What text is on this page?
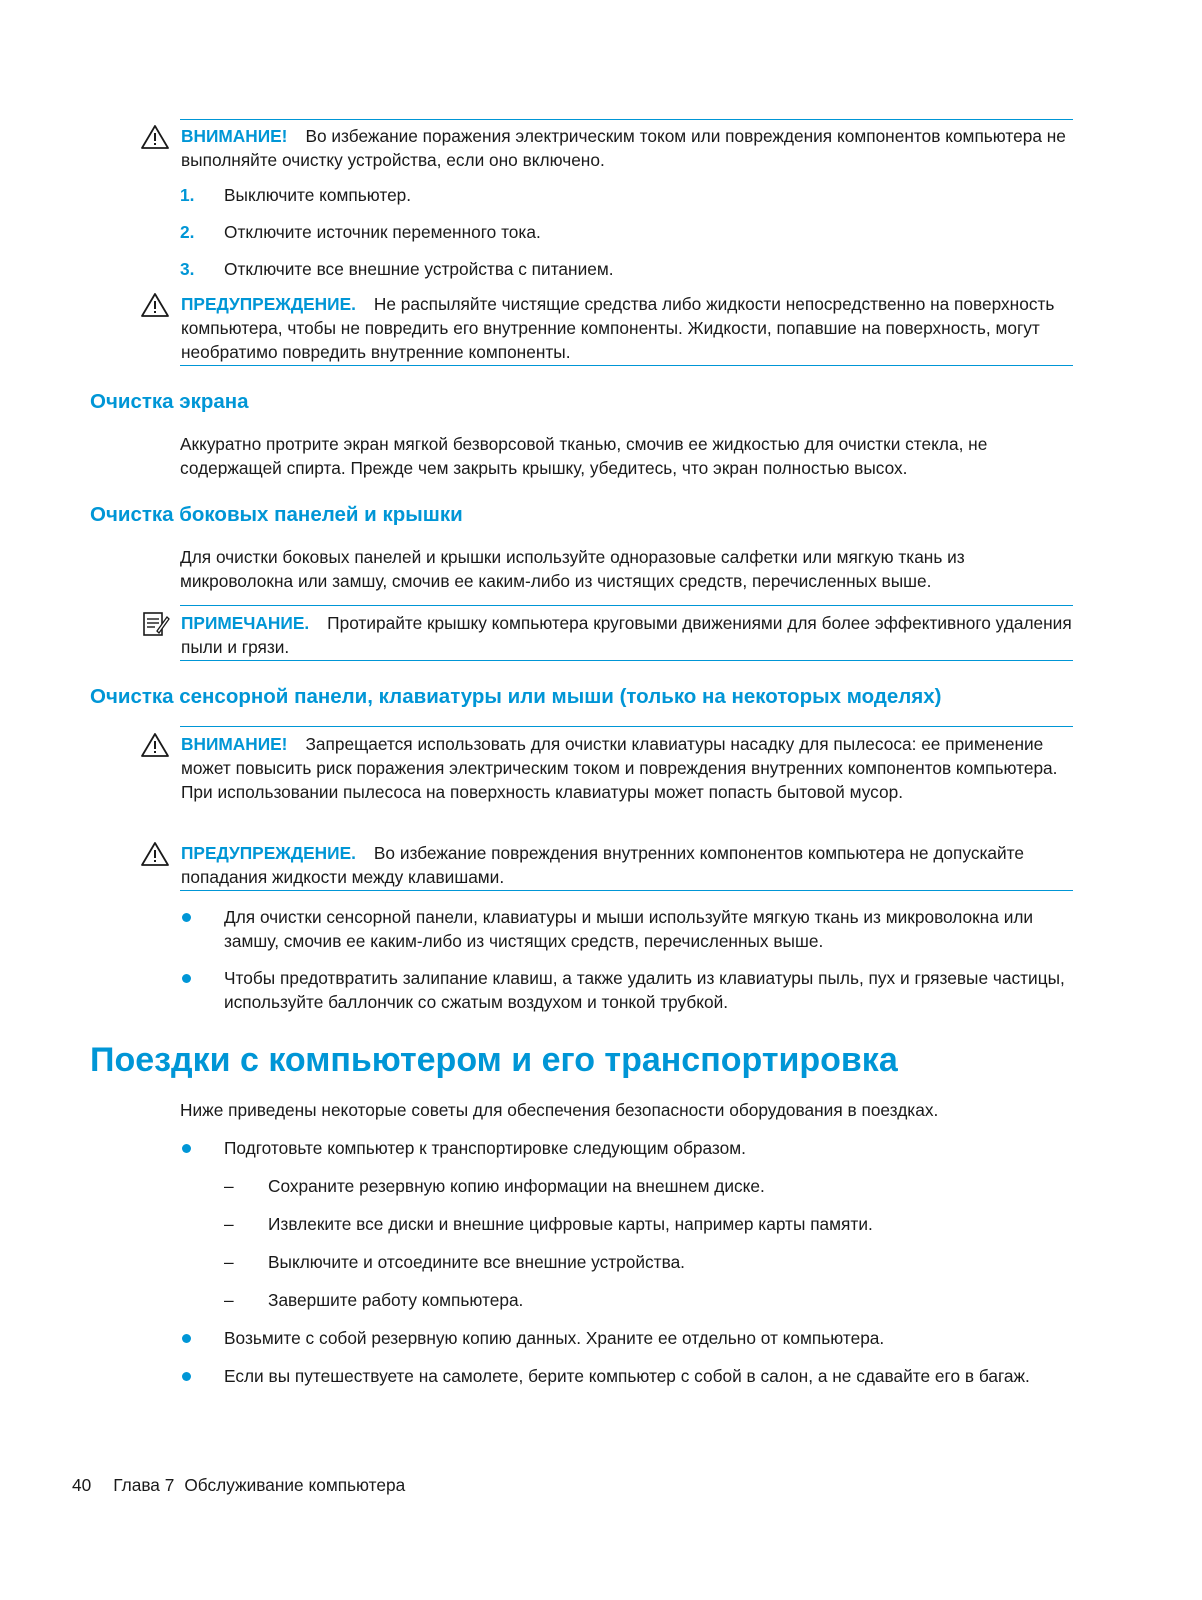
ВНИМАНИЕ! Во избежание поражения электрическим током или повреждения компонентов компьютера не выполняйте очистку устройства, если оно включено.
1. Выключите компьютер.
2. Отключите источник переменного тока.
3. Отключите все внешние устройства с питанием.
ПРЕДУПРЕЖДЕНИЕ. Не распыляйте чистящие средства либо жидкости непосредственно на поверхность компьютера, чтобы не повредить его внутренние компоненты. Жидкости, попавшие на поверхность, могут необратимо повредить внутренние компоненты.
Очистка экрана

Аккуратно протрите экран мягкой безворсовой тканью, смочив ее жидкостью для очистки стекла, не содержащей спирта. Прежде чем закрыть крышку, убедитесь, что экран полностью высох.

Очистка боковых панелей и крышки

Для очистки боковых панелей и крышки используйте одноразовые салфетки или мягкую ткань из микроволокна или замшу, смочив ее каким-либо из чистящих средств, перечисленных выше.

ПРИМЕЧАНИЕ. Протирайте крышку компьютера круговыми движениями для более эффективного удаления пыли и грязи.
Очистка сенсорной панели, клавиатуры или мыши (только на некоторых моделях)
ВНИМАНИЕ! Запрещается использовать для очистки клавиатуры насадку для пылесоса: ее применение может повысить риск поражения электрическим током и повреждения внутренних компонентов компьютера. При использовании пылесоса на поверхность клавиатуры может попасть бытовой мусор.
ПРЕДУПРЕЖДЕНИЕ. Во избежание повреждения внутренних компонентов компьютера не допускайте попадания жидкости между клавишами.
Для очистки сенсорной панели, клавиатуры и мыши используйте мягкую ткань из микроволокна или замшу, смочив ее каким-либо из чистящих средств, перечисленных выше.
Чтобы предотвратить залипание клавиш, а также удалить из клавиатуры пыль, пух и грязевые частицы, используйте баллончик со сжатым воздухом и тонкой трубкой.
Поездки с компьютером и его транспортировка

Ниже приведены некоторые советы для обеспечения безопасности оборудования в поездках.

Подготовьте компьютер к транспортировке следующим образом.
– Сохраните резервную копию информации на внешнем диске.
– Извлеките все диски и внешние цифровые карты, например карты памяти.
– Выключите и отсоедините все внешние устройства.
– Завершите работу компьютера.
Возьмите с собой резервную копию данных. Храните ее отдельно от компьютера.
Если вы путешествуете на самолете, берите компьютер с собой в салон, а не сдавайте его в багаж.
40 Глава 7 Обслуживание компьютера
